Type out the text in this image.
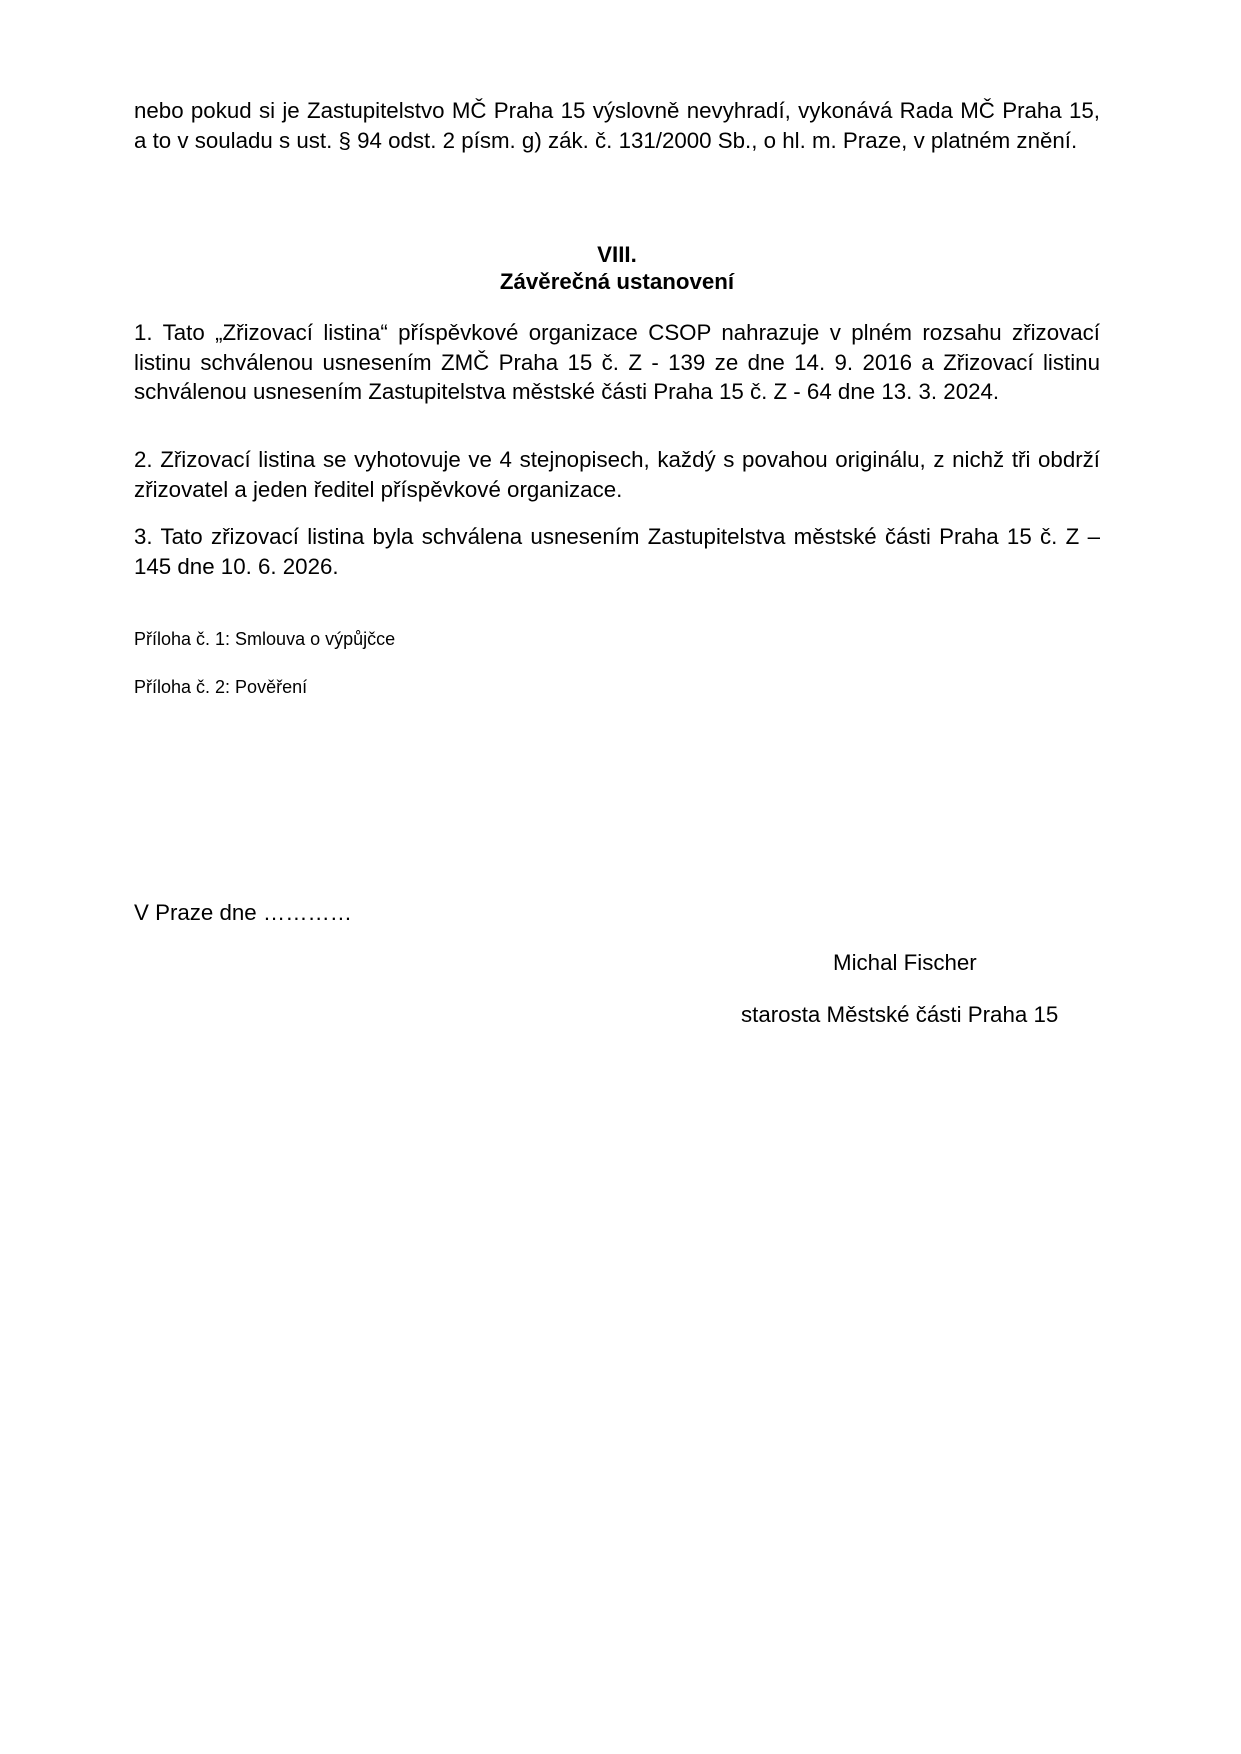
nebo pokud si je Zastupitelstvo MČ Praha 15 výslovně nevyhradí, vykonává Rada MČ Praha 15, a to v souladu s ust. § 94 odst. 2 písm. g) zák. č. 131/2000 Sb., o hl. m. Praze, v platném znění.

VIII.

Závěrečná ustanovení

1. Tato „Zřizovací listina“ příspěvkové organizace CSOP nahrazuje v plném rozsahu zřizovací listinu schválenou usnesením ZMČ Praha 15 č. Z - 139 ze dne 14. 9. 2016 a Zřizovací listinu schválenou usnesením Zastupitelstva městské části Praha 15 č. Z - 64 dne 13. 3. 2024.

2. Zřizovací listina se vyhotovuje ve 4 stejnopisech, každý s povahou originálu, z nichž tři obdrží zřizovatel a jeden ředitel příspěvkové organizace.

3. Tato zřizovací listina byla schválena usnesením Zastupitelstva městské části Praha 15 č. Z – 145 dne 10. 6. 2026.

Příloha č. 1: Smlouva o výpůjčce

Příloha č. 2: Pověření

V Praze dne …………

Michal Fischer

starosta Městské části Praha 15
